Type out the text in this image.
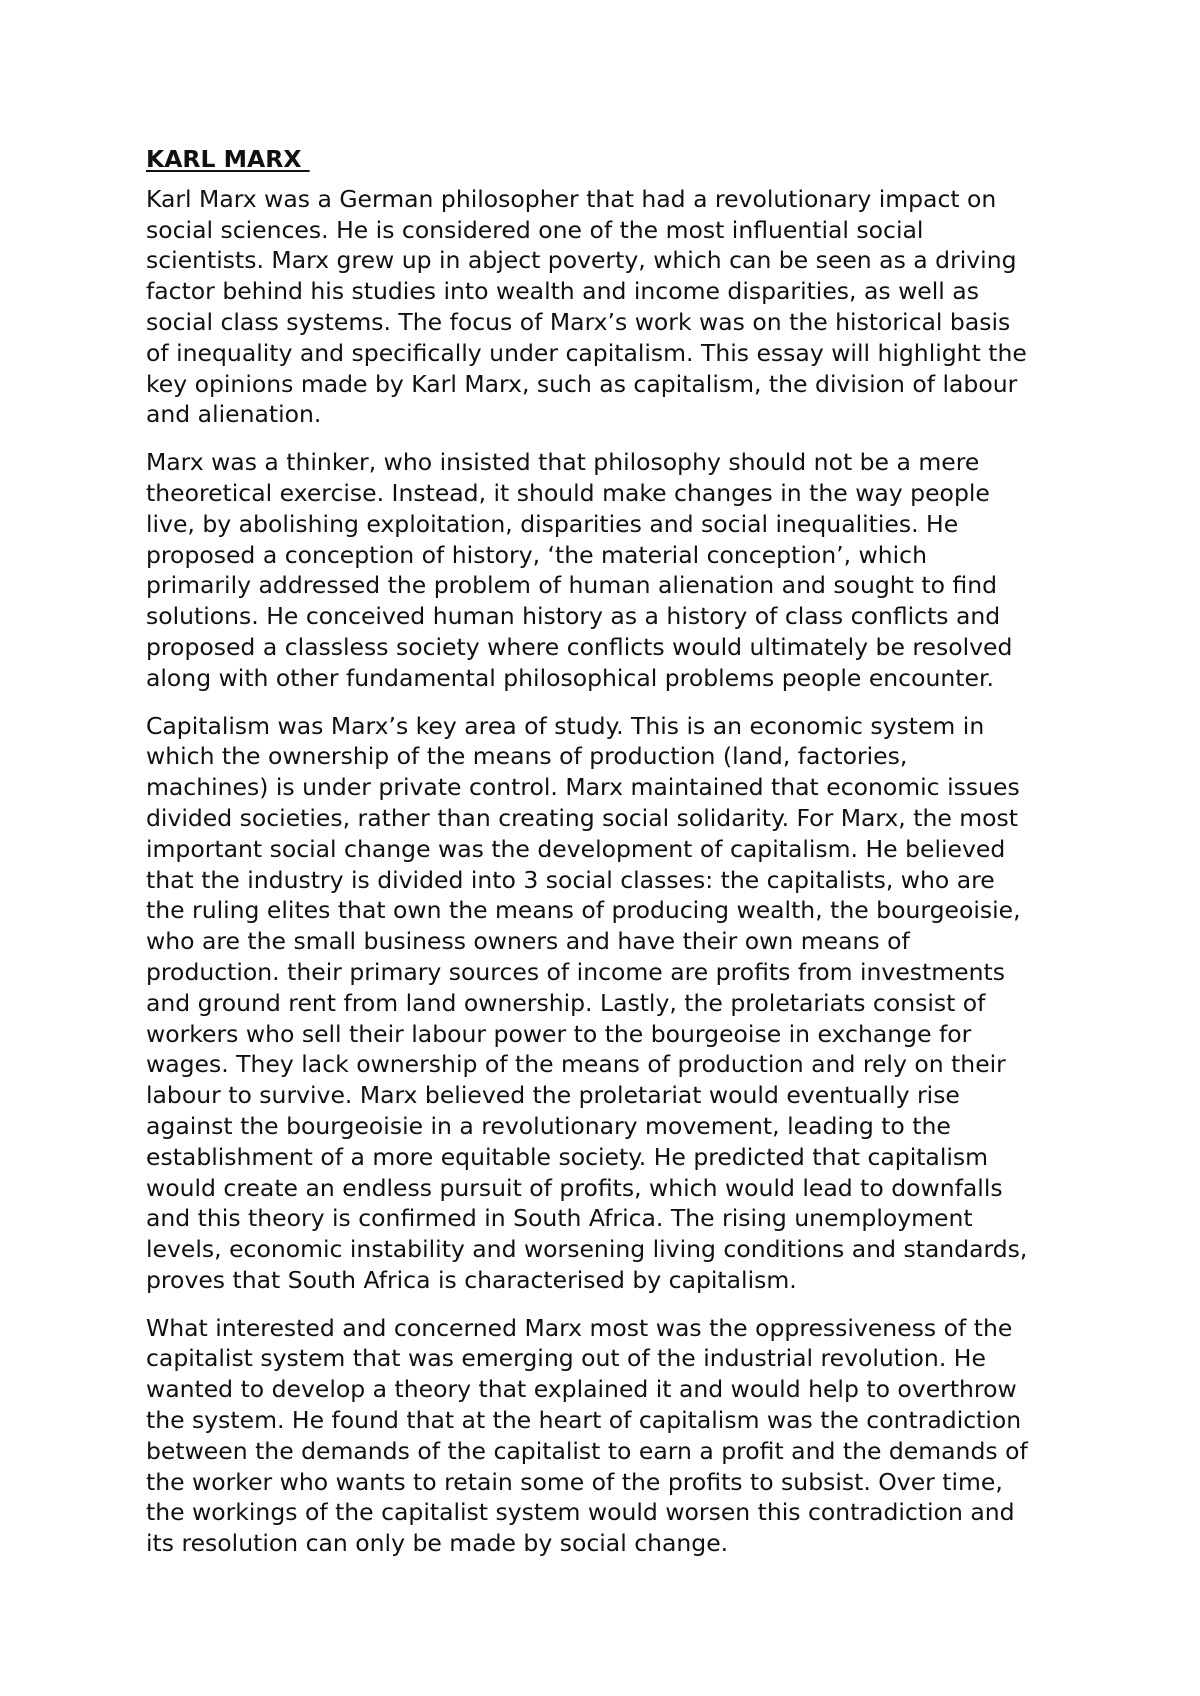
KARL MARX
Karl Marx was a German philosopher that had a revolutionary impact on
social sciences. He is considered one of the most influential social
scientists. Marx grew up in abject poverty, which can be seen as a driving
factor behind his studies into wealth and income disparities, as well as
social class systems. The focus of Marx’s work was on the historical basis
of inequality and specifically under capitalism. This essay will highlight the
key opinions made by Karl Marx, such as capitalism, the division of labour
and alienation.
Marx was a thinker, who insisted that philosophy should not be a mere
theoretical exercise. Instead, it should make changes in the way people
live, by abolishing exploitation, disparities and social inequalities. He
proposed a conception of history, ‘the material conception’, which
primarily addressed the problem of human alienation and sought to find
solutions. He conceived human history as a history of class conflicts and
proposed a classless society where conflicts would ultimately be resolved
along with other fundamental philosophical problems people encounter.
Capitalism was Marx’s key area of study. This is an economic system in
which the ownership of the means of production (land, factories,
machines) is under private control. Marx maintained that economic issues
divided societies, rather than creating social solidarity. For Marx, the most
important social change was the development of capitalism. He believed
that the industry is divided into 3 social classes: the capitalists, who are
the ruling elites that own the means of producing wealth, the bourgeoisie,
who are the small business owners and have their own means of
production. their primary sources of income are profits from investments
and ground rent from land ownership. Lastly, the proletariats consist of
workers who sell their labour power to the bourgeoise in exchange for
wages. They lack ownership of the means of production and rely on their
labour to survive. Marx believed the proletariat would eventually rise
against the bourgeoisie in a revolutionary movement, leading to the
establishment of a more equitable society. He predicted that capitalism
would create an endless pursuit of profits, which would lead to downfalls
and this theory is confirmed in South Africa. The rising unemployment
levels, economic instability and worsening living conditions and standards,
proves that South Africa is characterised by capitalism.
What interested and concerned Marx most was the oppressiveness of the
capitalist system that was emerging out of the industrial revolution. He
wanted to develop a theory that explained it and would help to overthrow
the system. He found that at the heart of capitalism was the contradiction
between the demands of the capitalist to earn a profit and the demands of
the worker who wants to retain some of the profits to subsist. Over time,
the workings of the capitalist system would worsen this contradiction and
its resolution can only be made by social change.
